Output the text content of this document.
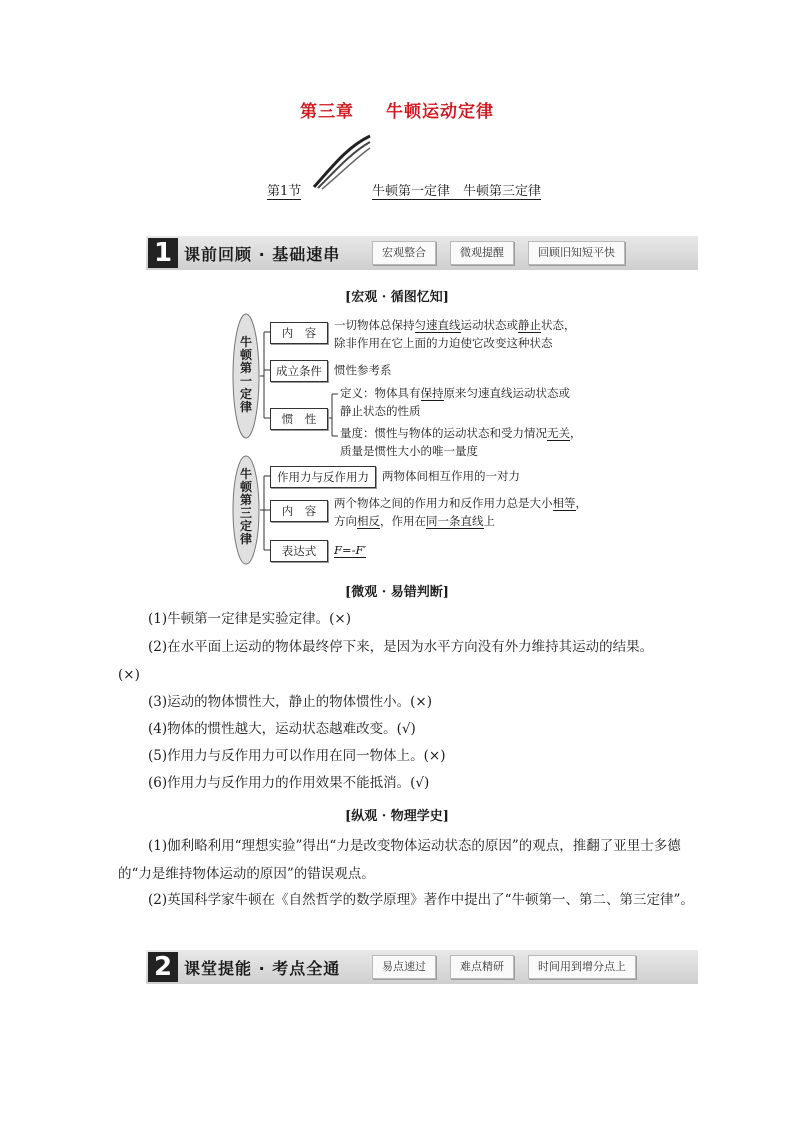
第三章 牛顿运动定律
第1节	牛顿第一定律　牛顿第三定律
1 课前回顾 · 基础速串	宏观整合	微观提醒	回顾旧知短平快
[宏观 · 循图忆知]
牛顿第一定律
牛顿第三定律
内　容
一切物体总保持匀速直线运动状态或静止状态，
除非作用在它上面的力迫使它改变这种状态
成立条件	惯性参考系
惯　性
定义：物体具有保持原来匀速直线运动状态或
静止状态的性质
量度：惯性与物体的运动状态和受力情况无关，
质量是惯性大小的唯一量度
作用力与反作用力	两物体间相互作用的一对力
内　容
两个物体之间的作用力和反作用力总是大小相等，
方向相反，作用在同一条直线上
表达式	F=-F′
[微观 · 易错判断]
(1)牛顿第一定律是实验定律。(×)
(2)在水平面上运动的物体最终停下来，是因为水平方向没有外力维持其运动的结果。
(×)
(3)运动的物体惯性大，静止的物体惯性小。(×)
(4)物体的惯性越大，运动状态越难改变。(√)
(5)作用力与反作用力可以作用在同一物体上。(×)
(6)作用力与反作用力的作用效果不能抵消。(√)
[纵观 · 物理学史]
(1)伽利略利用“理想实验”得出“力是改变物体运动状态的原因”的观点，推翻了亚里士多德的“力是维持物体运动的原因”的错误观点。
(2)英国科学家牛顿在《自然哲学的数学原理》著作中提出了“牛顿第一、第二、第三定律”。
2 课堂提能 · 考点全通	易点速过	难点精研	时间用到增分点上
